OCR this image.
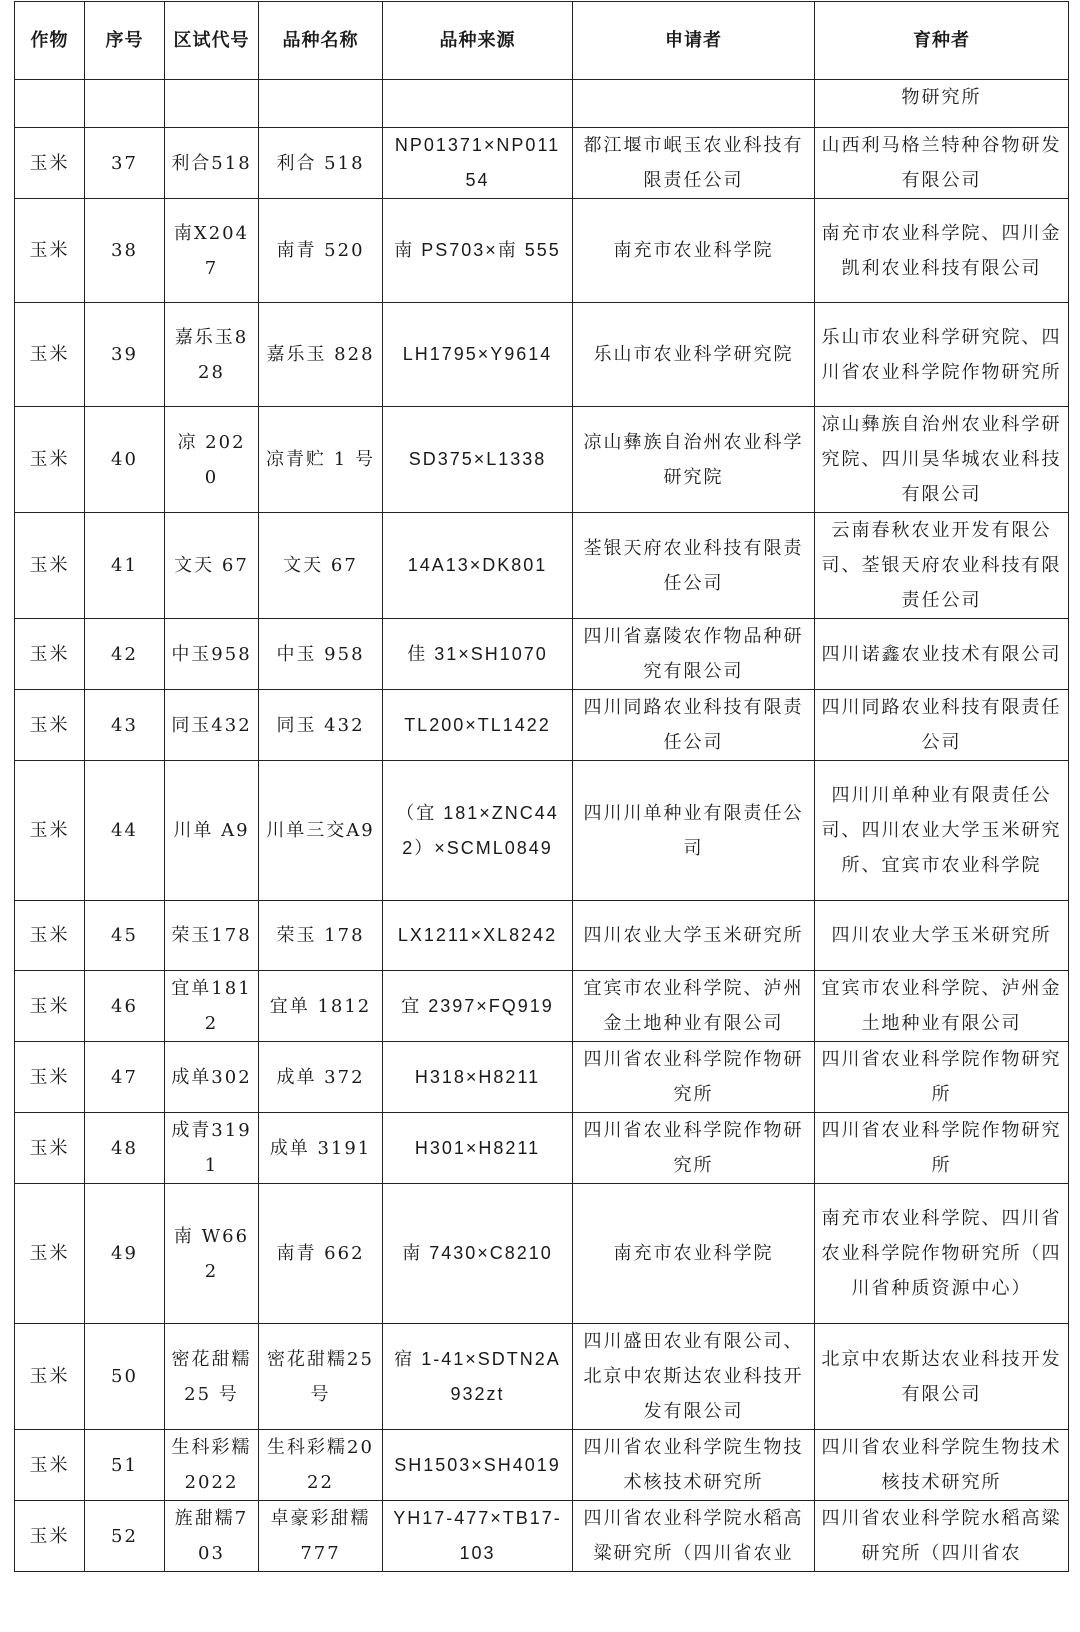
作物	序号	区试代号	品种名称	品种来源	申请者	育种者
						物研究所
玉米	37	利合518	利合 518	NP01371×NP01154	都江堰市岷玉农业科技有限责任公司	山西利马格兰特种谷物研发有限公司
玉米	38	南X2047	南青 520	南 PS703×南 555	南充市农业科学院	南充市农业科学院、四川金凯利农业科技有限公司
玉米	39	嘉乐玉828	嘉乐玉 828	LH1795×Y9614	乐山市农业科学研究院	乐山市农业科学研究院、四川省农业科学院作物研究所
玉米	40	凉 2020	凉青贮 1 号	SD375×L1338	凉山彝族自治州农业科学研究院	凉山彝族自治州农业科学研究院、四川昊华城农业科技有限公司
玉米	41	文天 67	文天 67	14A13×DK801	荃银天府农业科技有限责任公司	云南春秋农业开发有限公司、荃银天府农业科技有限责任公司
玉米	42	中玉958	中玉 958	佳 31×SH1070	四川省嘉陵农作物品种研究有限公司	四川诺鑫农业技术有限公司
玉米	43	同玉432	同玉 432	TL200×TL1422	四川同路农业科技有限责任公司	四川同路农业科技有限责任公司
玉米	44	川单 A9	川单三交A9	（宜 181×ZNC442）×SCML0849	四川川单种业有限责任公司	四川川单种业有限责任公司、四川农业大学玉米研究所、宜宾市农业科学院
玉米	45	荣玉178	荣玉 178	LX1211×XL8242	四川农业大学玉米研究所	四川农业大学玉米研究所
玉米	46	宜单1812	宜单 1812	宜 2397×FQ919	宜宾市农业科学院、泸州金土地种业有限公司	宜宾市农业科学院、泸州金土地种业有限公司
玉米	47	成单302	成单 372	H318×H8211	四川省农业科学院作物研究所	四川省农业科学院作物研究所
玉米	48	成青3191	成单 3191	H301×H8211	四川省农业科学院作物研究所	四川省农业科学院作物研究所
玉米	49	南 W662	南青 662	南 7430×C8210	南充市农业科学院	南充市农业科学院、四川省农业科学院作物研究所（四川省种质资源中心）
玉米	50	密花甜糯 25 号	密花甜糯25 号	宿 1-41×SDTN2A932zt	四川盛田农业有限公司、北京中农斯达农业科技开发有限公司	北京中农斯达农业科技开发有限公司
玉米	51	生科彩糯 2022	生科彩糯2022	SH1503×SH4019	四川省农业科学院生物技术核技术研究所	四川省农业科学院生物技术核技术研究所
玉米	52	旌甜糯703	卓豪彩甜糯777	YH17-477×TB17-103	四川省农业科学院水稻高粱研究所（四川省农业	四川省农业科学院水稻高粱研究所（四川省农
